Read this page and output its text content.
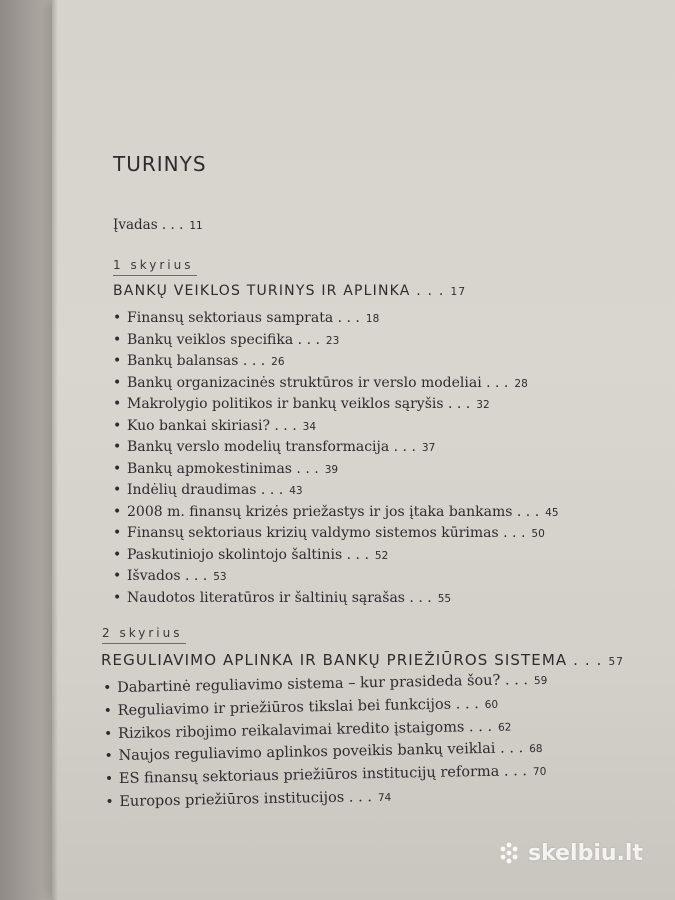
TURINYS
Įvadas . . . 11
1 skyrius
BANKŲ VEIKLOS TURINYS IR APLINKA . . . 17
• Finansų sektoriaus samprata . . . 18
• Bankų veiklos specifika . . . 23
• Bankų balansas . . . 26
• Bankų organizacinės struktūros ir verslo modeliai . . . 28
• Makrolygio politikos ir bankų veiklos sąryšis . . . 32
• Kuo bankai skiriasi? . . . 34
• Bankų verslo modelių transformacija . . . 37
• Bankų apmokestinimas . . . 39
• Indėlių draudimas . . . 43
• 2008 m. finansų krizės priežastys ir jos įtaka bankams . . . 45
• Finansų sektoriaus krizių valdymo sistemos kūrimas . . . 50
• Paskutiniojo skolintojo šaltinis . . . 52
• Išvados . . . 53
• Naudotos literatūros ir šaltinių sąrašas . . . 55
2 skyrius
REGULIAVIMO APLINKA IR BANKŲ PRIEŽIŪROS SISTEMA . . . 57
• Dabartinė reguliavimo sistema – kur prasideda šou? . . . 59
• Reguliavimo ir priežiūros tikslai bei funkcijos . . . 60
• Rizikos ribojimo reikalavimai kredito įstaigoms . . . 62
• Naujos reguliavimo aplinkos poveikis bankų veiklai . . . 68
• ES finansų sektoriaus priežiūros institucijų reforma . . . 70
• Europos priežiūros institucijos . . . 74
skelbiu.lt
